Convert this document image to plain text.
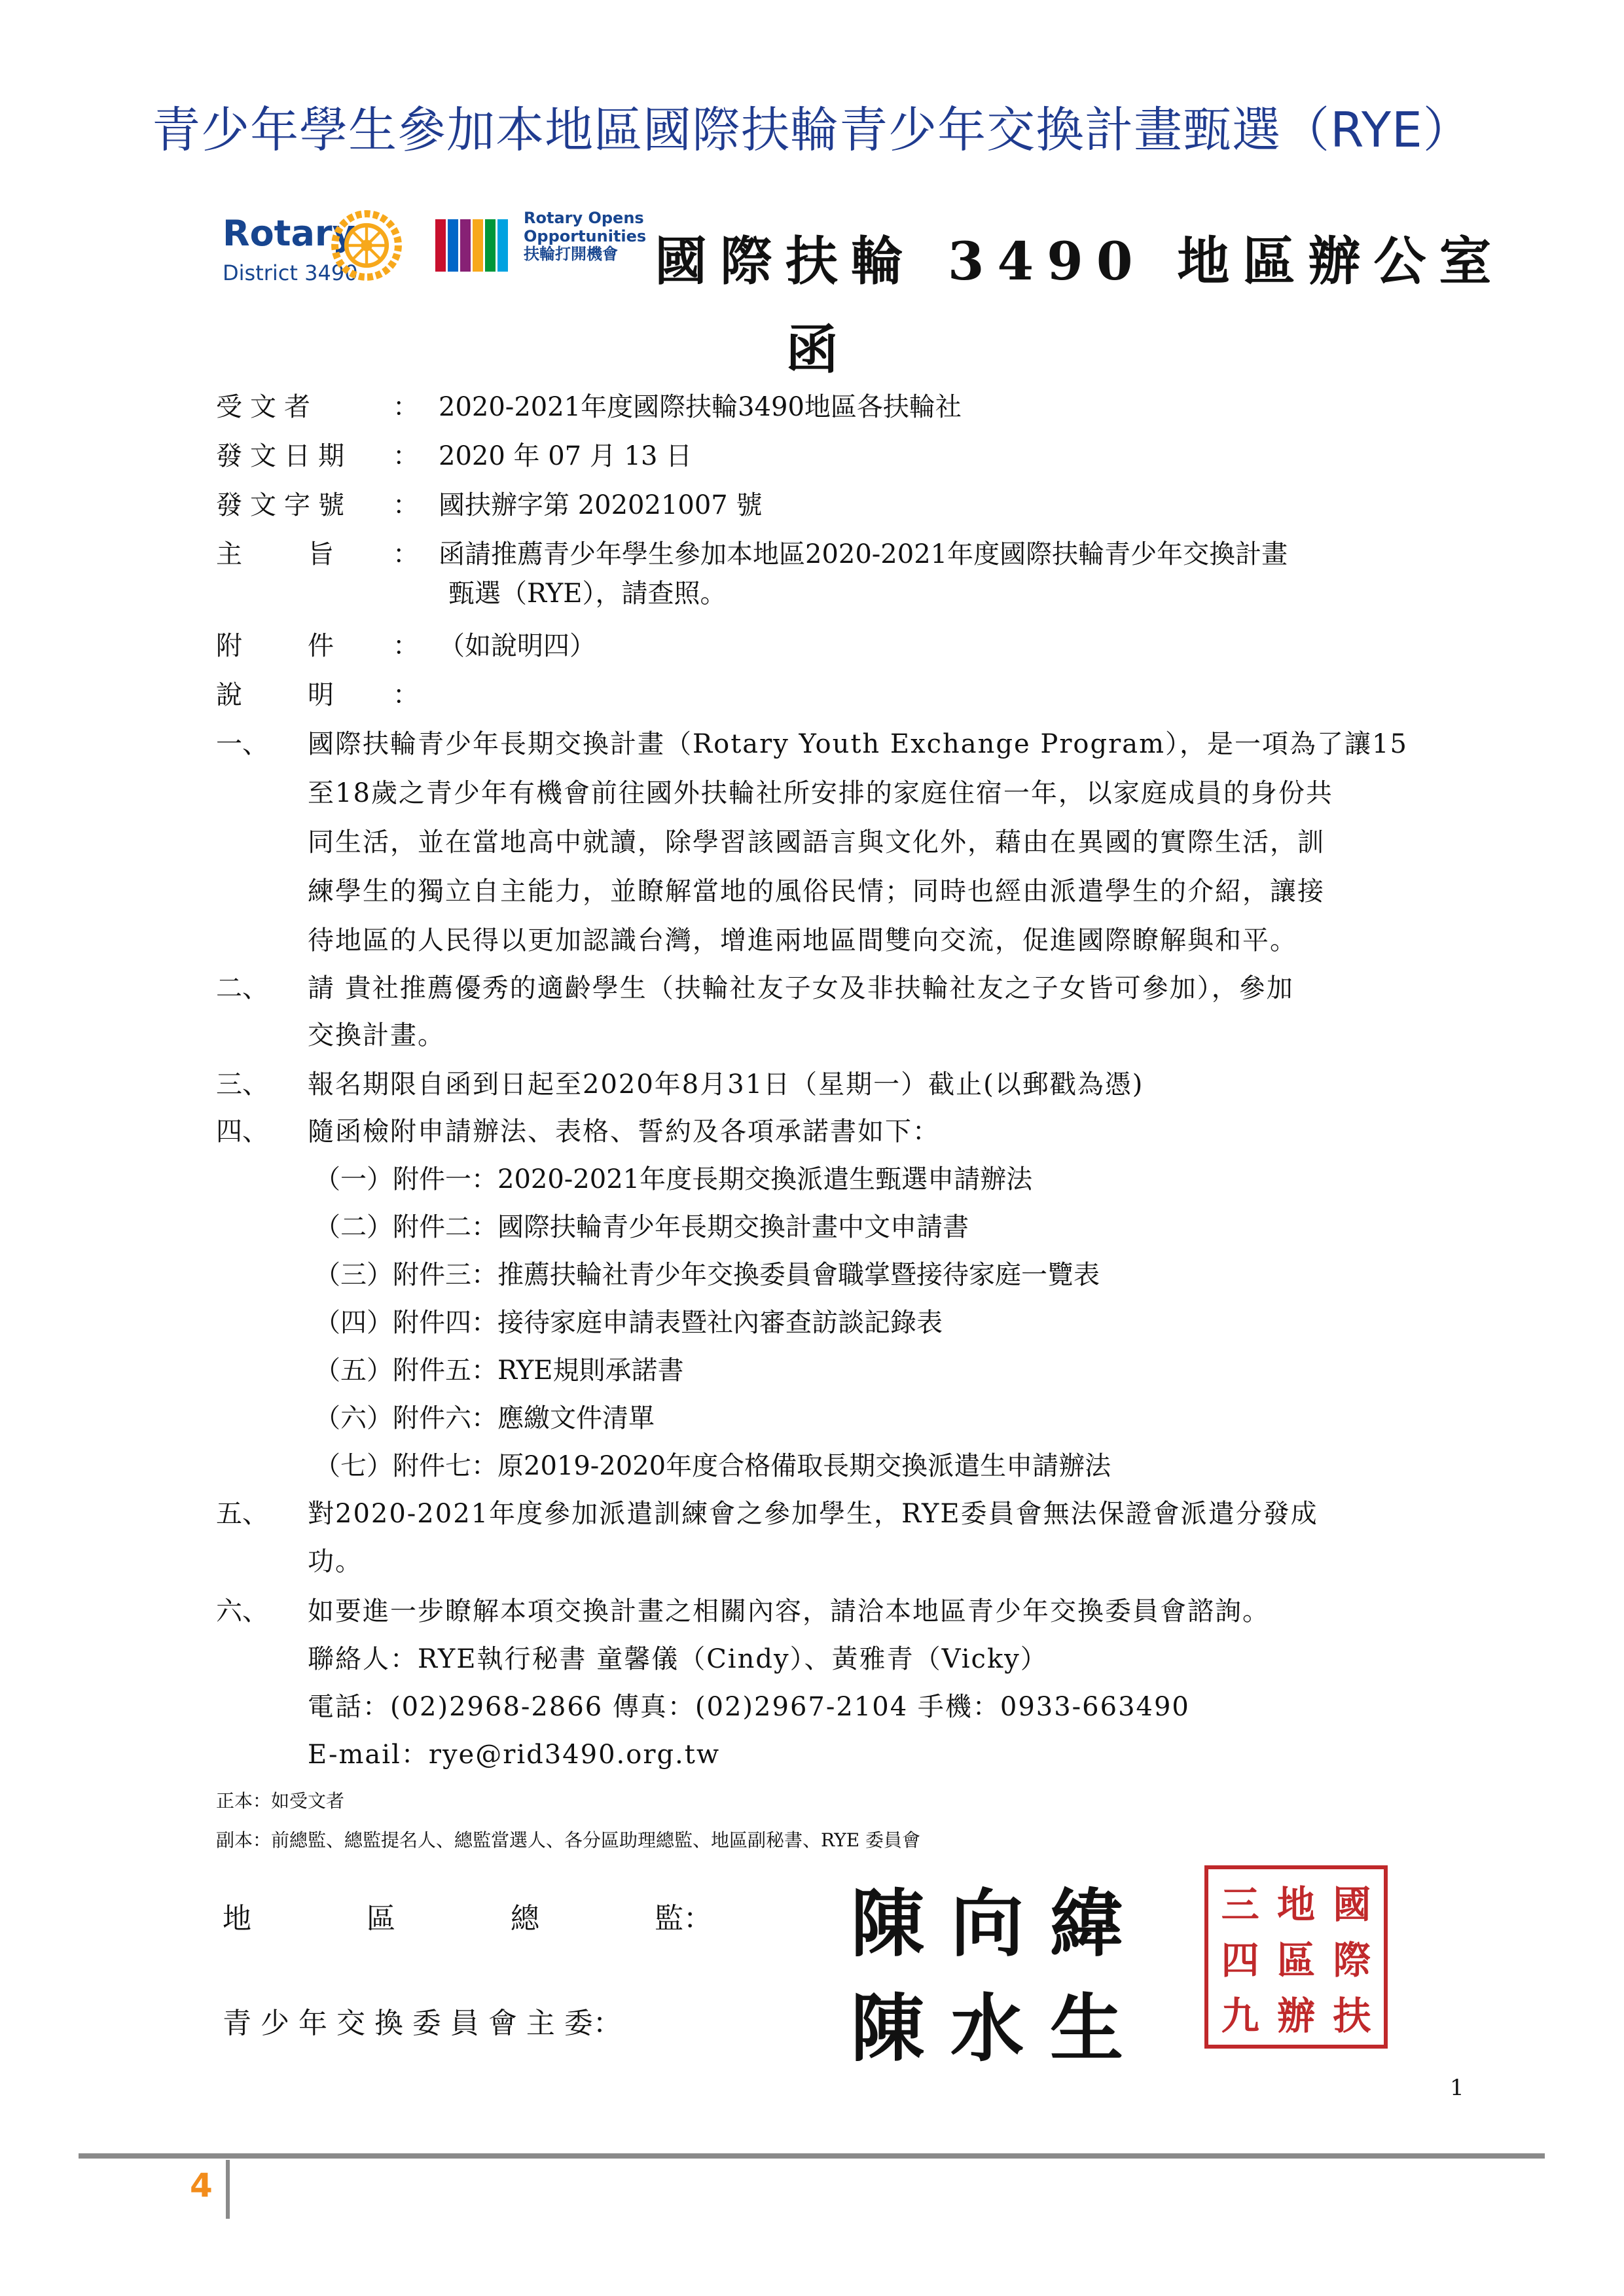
青少年學生參加本地區國際扶輪青少年交換計畫甄選（RYE）
Rotary
District 3490
Rotary Opens
Opportunities
扶輪打開機會 國際扶輪 3490 地區辦公室
函
受文者	： 2020-2021年度國際扶輪3490地區各扶輪社
發文日期 ： 2020 年 07 月 13 日
發文字號 ： 國扶辦字第 202021007 號
主旨： 函請推薦青少年學生參加本地區2020-2021年度國際扶輪青少年交換計畫
甄選（RYE），請查照。
附件： （如說明四）
說明：
一、 國際扶輪青少年長期交換計畫（Rotary Youth Exchange Program），是一項為了讓15
至18歲之青少年有機會前往國外扶輪社所安排的家庭住宿一年，以家庭成員的身份共
同生活，並在當地高中就讀，除學習該國語言與文化外，藉由在異國的實際生活，訓
練學生的獨立自主能力，並瞭解當地的風俗民情；同時也經由派遣學生的介紹，讓接
待地區的人民得以更加認識台灣，增進兩地區間雙向交流，促進國際瞭解與和平。
二、 請 貴社推薦優秀的適齡學生（扶輪社友子女及非扶輪社友之子女皆可參加），參加
交換計畫。
三、 報名期限自函到日起至2020年8月31日（星期一）截止(以郵戳為憑)
四、 隨函檢附申請辦法、表格、誓約及各項承諾書如下：
（一）附件一：2020-2021年度長期交換派遣生甄選申請辦法
（二）附件二：國際扶輪青少年長期交換計畫中文申請書
（三）附件三：推薦扶輪社青少年交換委員會職掌暨接待家庭一覽表
（四）附件四：接待家庭申請表暨社內審查訪談記錄表
（五）附件五：RYE規則承諾書
（六）附件六：應繳文件清單
（七）附件七：原2019-2020年度合格備取長期交換派遣生申請辦法
五、 對2020-2021年度參加派遣訓練會之參加學生，RYE委員會無法保證會派遣分發成
功。
六、 如要進一步瞭解本項交換計畫之相關內容，請洽本地區青少年交換委員會諮詢。
聯絡人：RYE執行秘書 童馨儀（Cindy）、黃雅青（Vicky）
電話：(02)2968-2866 傳真：(02)2967-2104 手機：0933-663490
E-mail：rye@rid3490.org.tw
正本：如受文者
副本：前總監、總監提名人、總監當選人、各分區助理總監、地區副秘書、RYE 委員會
地　　　　區　　　　總　　　　監： 陳向緯
青 少 年 交 換 委 員 會 主 委：	陳水生
三 地 國
四 區 際
九 辦 扶
1
4
